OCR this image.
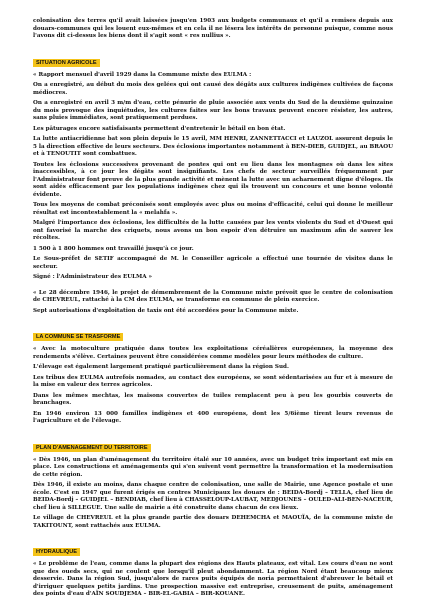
colonisation des terres qu'il avait laissées jusqu'en 1903 aux budgets communaux et qu'il a remises depuis aux douars-communes qui les louent eux-mêmes et en cela il ne lésera les intérêts de personne puisque, comme nous l'avons dit ci-dessus les biens dont il s'agit sont « res nullius ».

SITUATION AGRICOLE

« Rapport mensuel d'avril 1929 dans la Commune mixte des EULMA :

On a enregistré, au début du mois des gelées qui ont causé des dégâts aux cultures indigènes cultivées de façons médiocres.

On a enregistré en avril 3 m/m d'eau, cette pénurie de pluie associée aux vents du Sud de la deuxième quinzaine du mois provoque des inquiétudes, les cultures faites sur les bons travaux peuvent encore résister, les autres, sans pluies immédiates, sont pratiquement perdues.

Les pâturages encore satisfaisants permettent d'entretenir le bétail en bon état.

La lutte antiacridienne bat son plein depuis le 15 avril, MM HENRI, ZANNETTACCI et LAUZOL assurent depuis le 5 la direction effective de leurs secteurs. Des éclosions importantes notamment à BEN-DIEB, GUIDJEL, au BRAOU et à TENOUTIT sont combattues.

Toutes les éclosions successives provenant de pontes qui ont eu lieu dans les montagnes où dans les sites inaccessibles, à ce jour les dégâts sont insignifiants. Les chefs de secteur surveillés fréquemment par l'Administrateur font preuve de la plus grande activité et mènent la lutte avec un acharnement digne d'éloges. Ils sont aidés efficacement par les populations indigènes chez qui ils trouvent un concours et une bonne volonté évidente.

Tous les moyens de combat préconisés sont employés avec plus ou moins d'efficacité, celui qui donne le meilleur résultat est incontestablement la « melahfa ».

Malgré l'importance des éclosions, les difficultés de la lutte causées par les vents violents du Sud et d'Ouest qui ont favorisé la marche des criquets, nous avons un bon espoir d'en détruire un maximum afin de sauver les récoltes.

1 500 à 1 800 hommes ont travaillé jusqu'à ce jour.

Le Sous-préfet de SETIF accompagné de M. le Conseiller agricole a effectué une tournée de visites dans le secteur.

Signé : l'Administrateur des EULMA »

« Le 28 décembre 1946, le projet de démembrement de la Commune mixte prévoit que le centre de colonisation de CHEVREUL, rattaché à la CM des EULMA, se transforme en commune de plein exercice.

Sept autorisations d'exploitation de taxis ont été accordées pour la Commune mixte.

LA COMMUNE SE TRASFORME

« Avec la motoculture pratiquée dans toutes les exploitations céréalières européennes, la moyenne des rendements s'élève. Certaines peuvent être considérées comme modèles pour leurs méthodes de culture.

L'élevage est également largement pratiqué particulièrement dans la région Sud.

Les tribus des EULMA autrefois nomades, au contact des européens, se sont sédentarisées au fur et à mesure de la mise en valeur des terres agricoles.

Dans les mêmes mechtas, les maisons couvertes de tuiles remplacent peu à peu les gourbis couverts de branchages.

En 1946 environ 13 000 familles indigènes et 400 européens, dont les 5/6ième tirent leurs revenus de l'agriculture et de l'élevage.

PLAN D'AMENAGEMENT DU TERRITOIRE

« Dès 1946, un plan d'aménagement du territoire étalé sur 10 années, avec un budget très important est mis en place. Les constructions et aménagements qui s'en suivent vont permettre la transformation et la modernisation de cette région.

Dès 1946, il existe au moins, dans chaque centre de colonisation, une salle de Mairie, une Agence postale et une école. C'est en 1947 que furent érigés en centres Municipaux les douars de : BEIDA-Bordj – TELLA, chef lieu de BEIDA-Bordj – GUIDJEL – BENDIAB, chef lieu à CHASSELOUP-LAUBAT, MEDJOUNES – OULED-ALI-BEN-NACEUR, chef lieu à SILLEGUE. Une salle de mairie a été construite dans chacun de ces lieux.

Le village de CHEVREUL et la plus grande partie des douars DEHEMCHA et MAOUÏA, de la commune mixte de TAKITOUNT, sont rattachés aux EULMA.

HYDRAULIQUE

« Le problème de l'eau, comme dans la plupart des régions des Hauts plateaux, est vital. Les cours d'eau ne sont que des oueds secs, qui ne coulent que lorsqu'il pleut abondamment. La région Nord étant beaucoup mieux desservie. Dans la région Sud, jusqu'alors de rares puits équipés de noria permettaient d'abreuver le bétail et d'irriguer quelques petits jardins. Une prospection massive est entreprise, creusement de puits, aménagement des points d'eau d'AÏN SOUDJEMA – BIR-EL-GABIA – BIR-KOUANE.
